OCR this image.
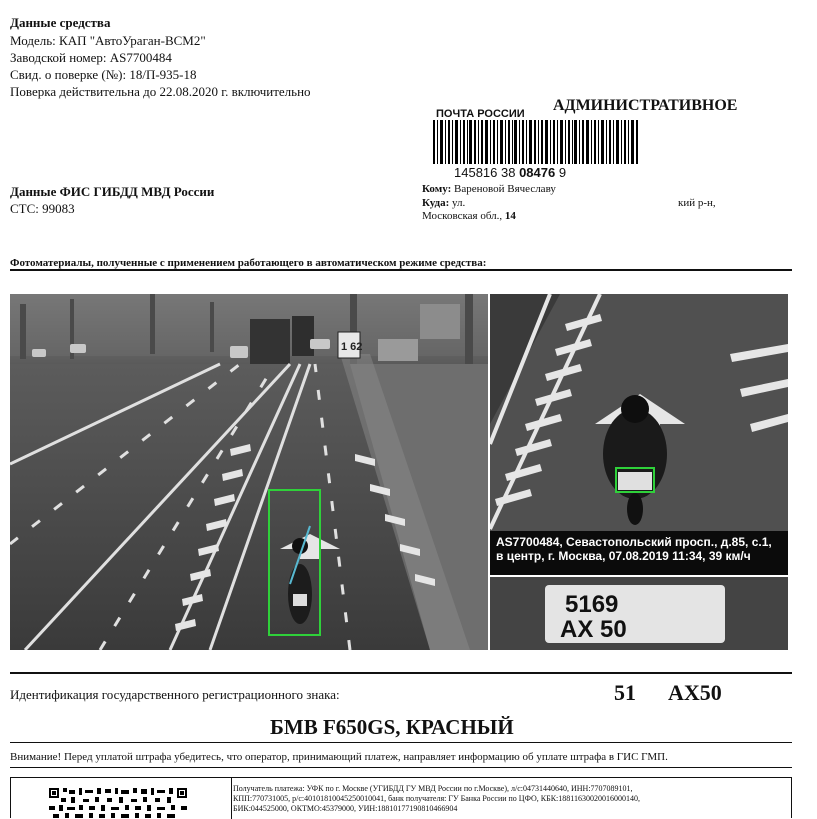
Данные средства
Модель: КАП "АвтоУраган-ВСМ2"
Заводской номер: AS7700484
Свид. о поверке (№): 18/П-935-18
Поверка действительна до 22.08.2020 г. включительно
ПОЧТА РОССИИ АДМИНИСТРАТИВНОЕ
145816 38 08476 9
Данные ФИС ГИБДД МВД России
СТС: 99083
Кому: Вареновой Вячеславу
Куда: ул.	кий р-н,
Московская обл., 14
Фотоматериалы, полученные с применением работающего в автоматическом режиме средства:
1 62
AS7700484, Севастопольский просп., д.85, с.1, в центр, г. Москва, 07.08.2019 11:34, 39 км/ч
5169
AX 50
Идентификация государственного регистрационного знака:	51 AX50
БМВ F650GS, КРАСНЫЙ
Внимание! Перед уплатой штрафа убедитесь, что оператор, принимающий платеж, направляет информацию об уплате штрафа в ГИС ГМП.
Получатель платежа: УФК по г. Москве (УГИБДД ГУ МВД России по г.Москве), л/с:04731440640, ИНН:7707089101,
КПП:770731005, р/с:40101810045250010041, банк получателя: ГУ Банка России по ЦФО, КБК:18811630020016000140,
БИК:044525000, ОКТМО:45379000, УИН:18810177190810466904
